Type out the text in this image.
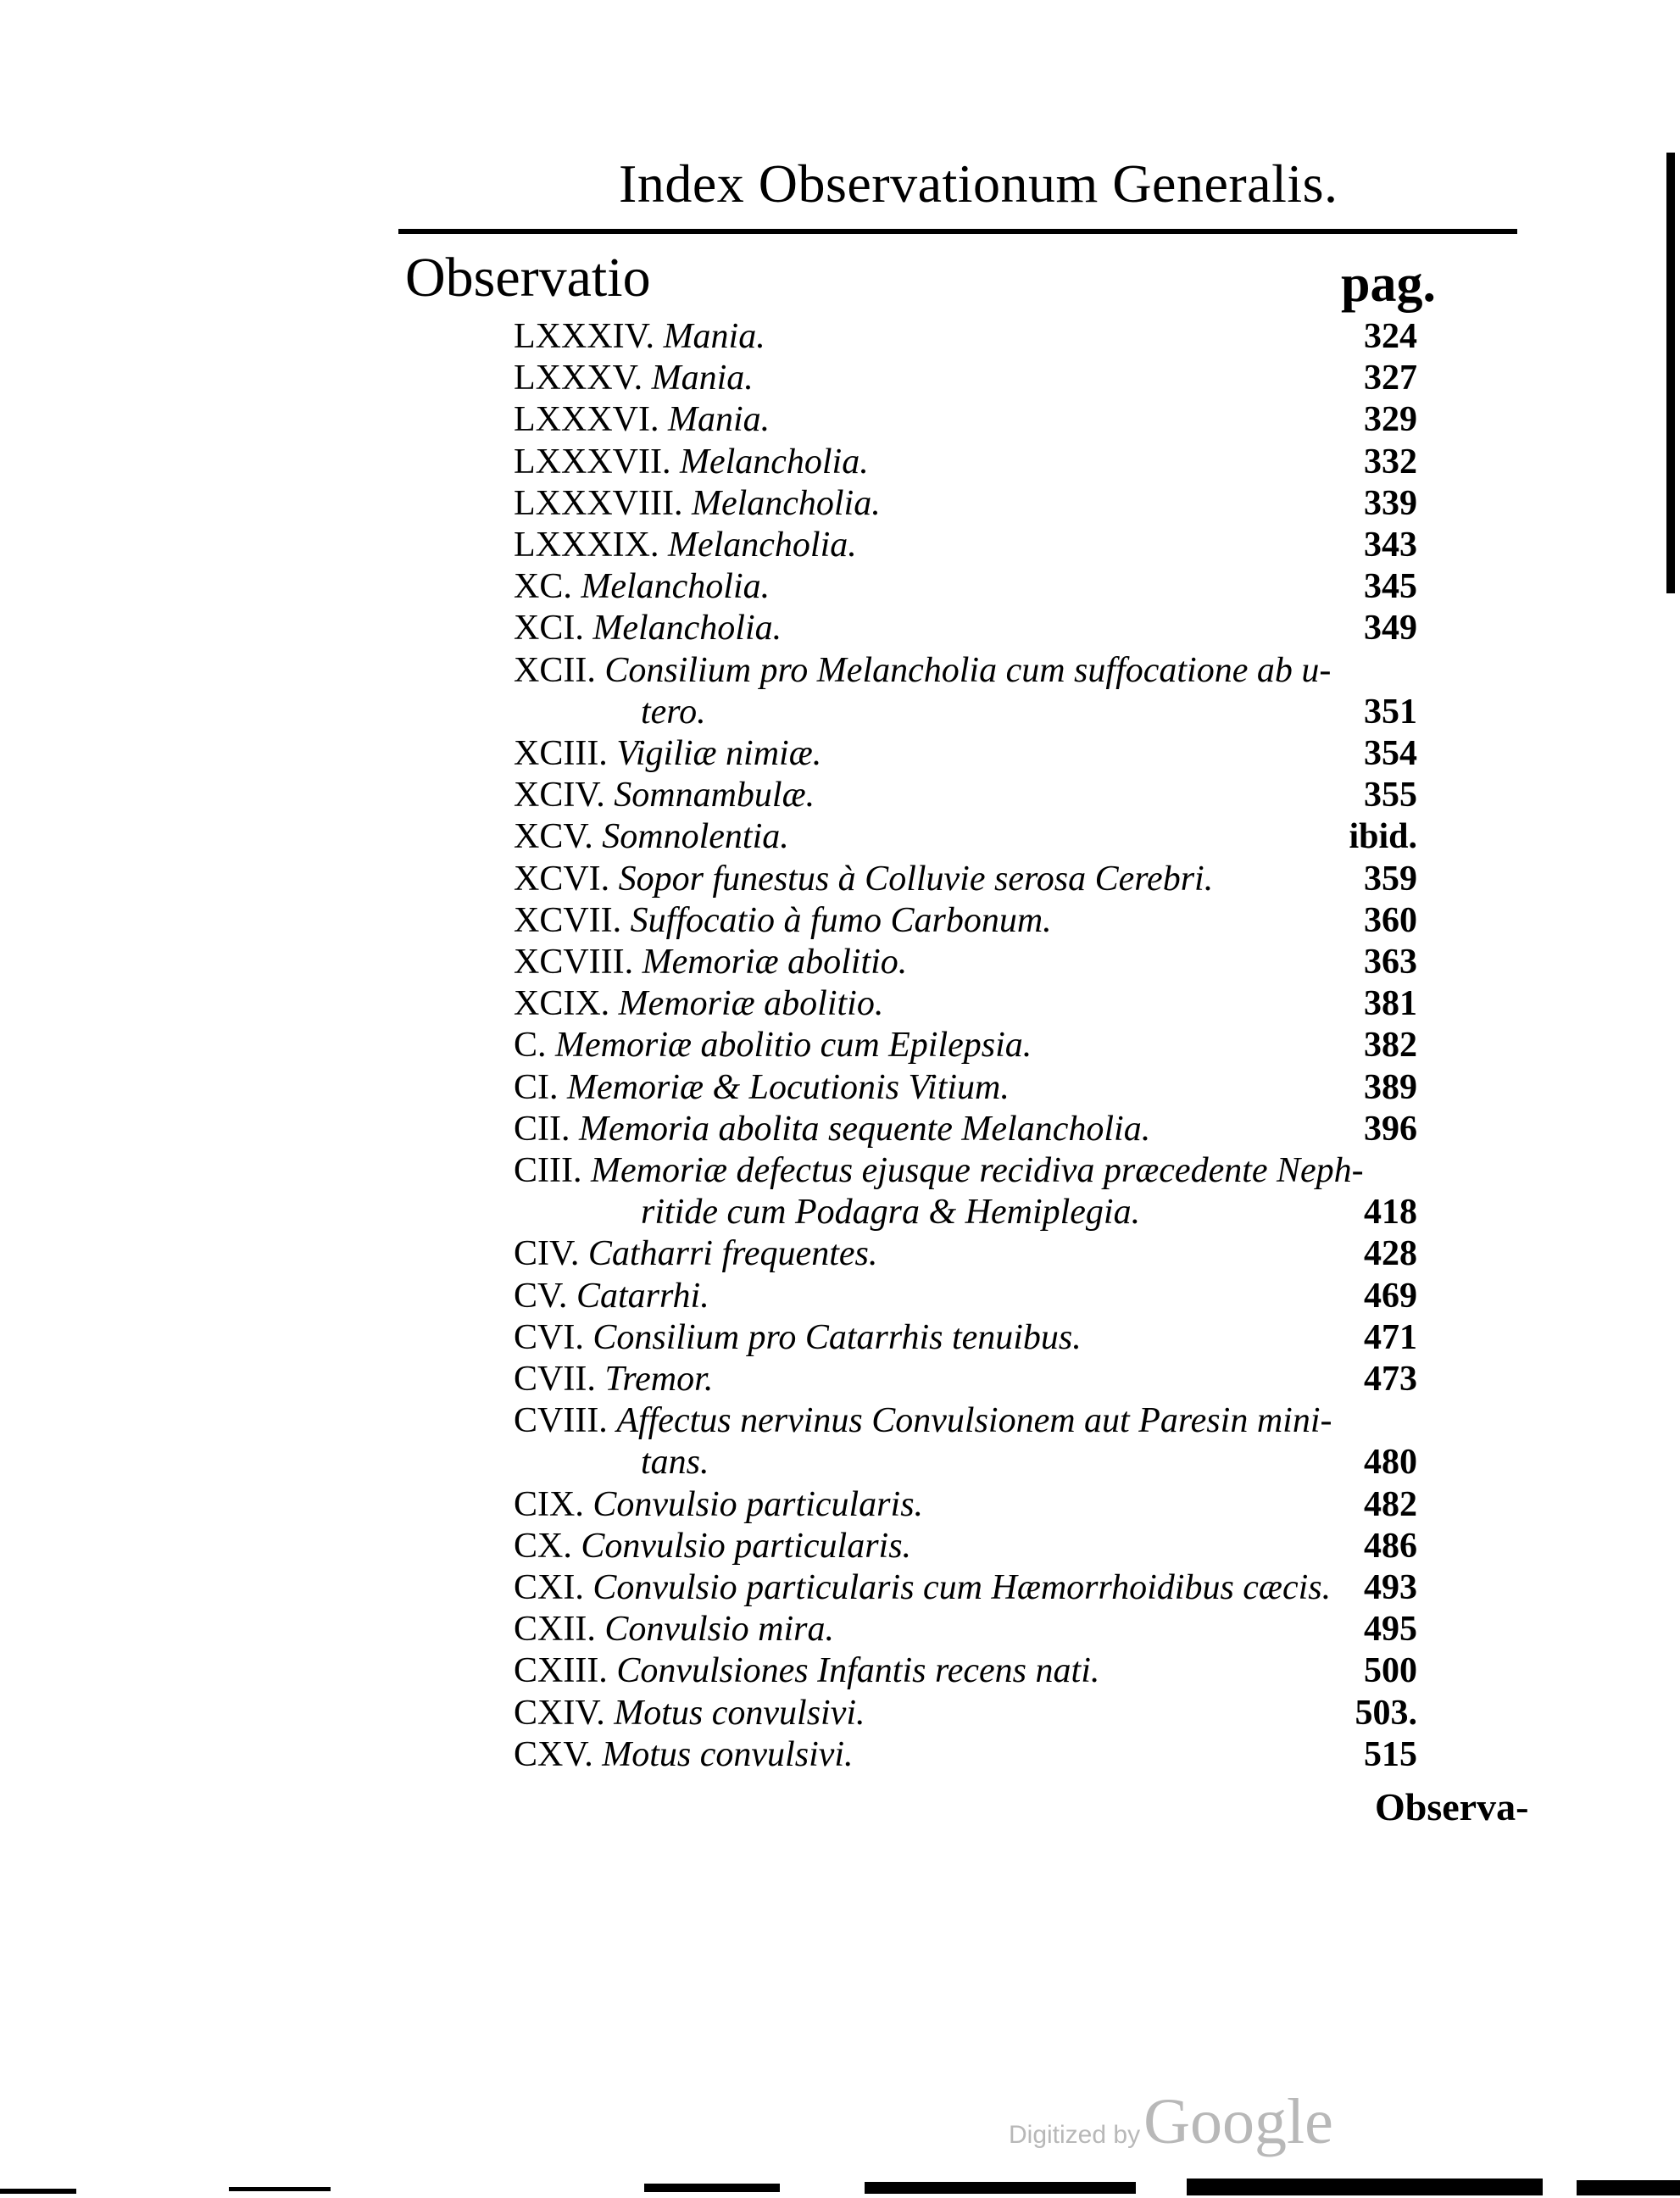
Index Observationum Generalis.
Observatio	pag.
LXXXIV. Mania.	324
LXXXV. Mania.	327
LXXXVI. Mania.	329
LXXXVII. Melancholia.	332
LXXXVIII. Melancholia.	339
LXXXIX. Melancholia.	343
XC. Melancholia.	345
XCI. Melancholia.	349
XCII. Consilium pro Melancholia cum suffocatione ab u-
tero.	351
XCIII. Vigiliæ nimiæ.	354
XCIV. Somnambulæ.	355
XCV. Somnolentia.	ibid.
XCVI. Sopor funestus à Colluvie serosa Cerebri.	359
XCVII. Suffocatio à fumo Carbonum.	360
XCVIII. Memoriæ abolitio.	363
XCIX. Memoriæ abolitio.	381
C. Memoriæ abolitio cum Epilepsia.	382
CI. Memoriæ & Locutionis Vitium.	389
CII. Memoria abolita sequente Melancholia.	396
CIII. Memoriæ defectus ejusque recidiva præcedente Neph-
ritide cum Podagra & Hemiplegia.	418
CIV. Catharri frequentes.	428
CV. Catarrhi.	469
CVI. Consilium pro Catarrhis tenuibus.	471
CVII. Tremor.	473
CVIII. Affectus nervinus Convulsionem aut Paresin mini-
tans.	480
CIX. Convulsio particularis.	482
CX. Convulsio particularis.	486
CXI. Convulsio particularis cum Hæmorrhoidibus cæcis. 493
CXII. Convulsio mira.	495
CXIII. Convulsiones Infantis recens nati.	500
CXIV. Motus convulsivi.	503.
CXV. Motus convulsivi.	515
Observa-
Digitized by Google
